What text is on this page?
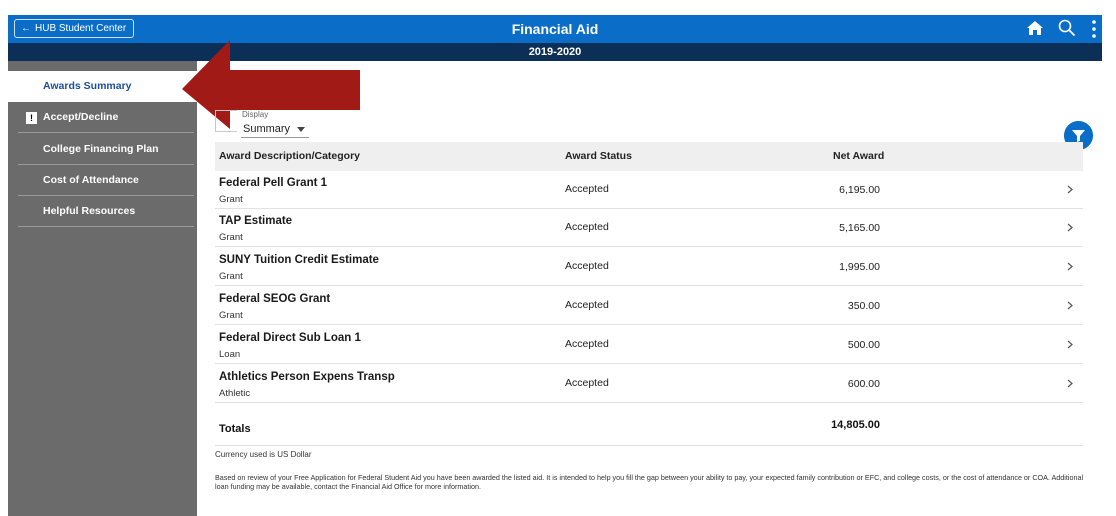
← HUB Student Center	Financial Aid
2019-2020
Awards Summary
! Accept/Decline
College Financing Plan
Cost of Attendance
Helpful Resources
Display
Summary
Award Description/Category	Award Status	Net Award
Federal Pell Grant 1
Grant
Accepted	6,195.00
TAP Estimate
Grant
Accepted	5,165.00
SUNY Tuition Credit Estimate
Grant
Accepted	1,995.00
Federal SEOG Grant
Grant
Accepted	350.00
Federal Direct Sub Loan 1
Loan
Accepted	500.00
Athletics Person Expens Transp
Athletic
Accepted	600.00
Totals	14,805.00
Currency used is US Dollar
Based on review of your Free Application for Federal Student Aid you have been awarded the listed aid. It is intended to help you fill the gap between your ability to pay, your expected family contribution or EFC, and college costs, or the cost of attendance or COA. Additional loan funding may be available, contact the Financial Aid Office for more information.
